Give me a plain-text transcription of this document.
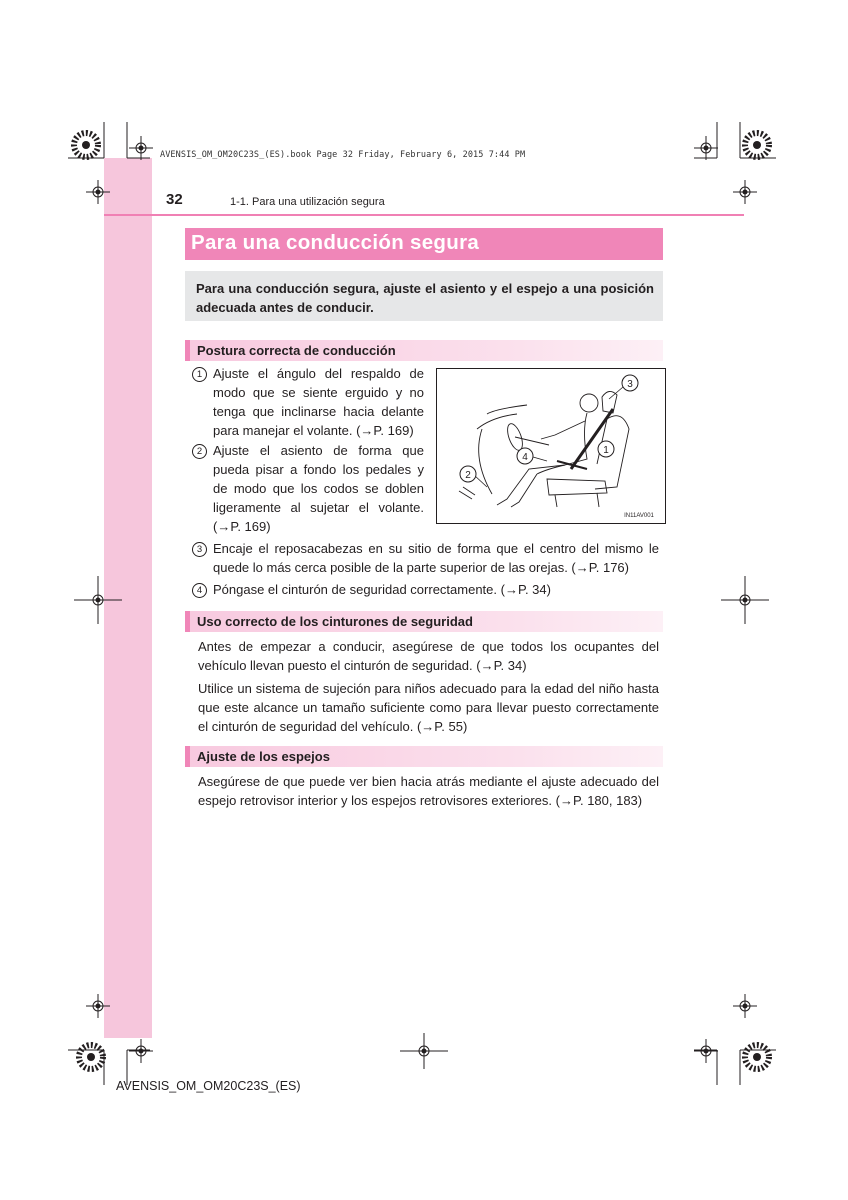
AVENSIS_OM_OM20C23S_(ES).book Page 32 Friday, February 6, 2015 7:44 PM
32	1-1. Para una utilización segura
Para una conducción segura
Para una conducción segura, ajuste el asiento y el espejo a una posición adecuada antes de conducir.
Postura correcta de conducción
1 Ajuste el ángulo del respaldo de modo que se siente erguido y no tenga que inclinarse hacia delante para manejar el volante. (→P. 169)
2 Ajuste el asiento de forma que pueda pisar a fondo los pedales y de modo que los codos se doblen ligeramente al sujetar el volante. (→P. 169)
3
2
4
1
IN11AV001
3 Encaje el reposacabezas en su sitio de forma que el centro del mismo le quede lo más cerca posible de la parte superior de las orejas. (→P. 176)
4 Póngase el cinturón de seguridad correctamente. (→P. 34)
Uso correcto de los cinturones de seguridad
Antes de empezar a conducir, asegúrese de que todos los ocupantes del vehículo llevan puesto el cinturón de seguridad. (→P. 34)
Utilice un sistema de sujeción para niños adecuado para la edad del niño hasta que este alcance un tamaño suficiente como para llevar puesto correctamente el cinturón de seguridad del vehículo. (→P. 55)
Ajuste de los espejos
Asegúrese de que puede ver bien hacia atrás mediante el ajuste adecuado del espejo retrovisor interior y los espejos retrovisores exteriores. (→P. 180, 183)
AVENSIS_OM_OM20C23S_(ES)
